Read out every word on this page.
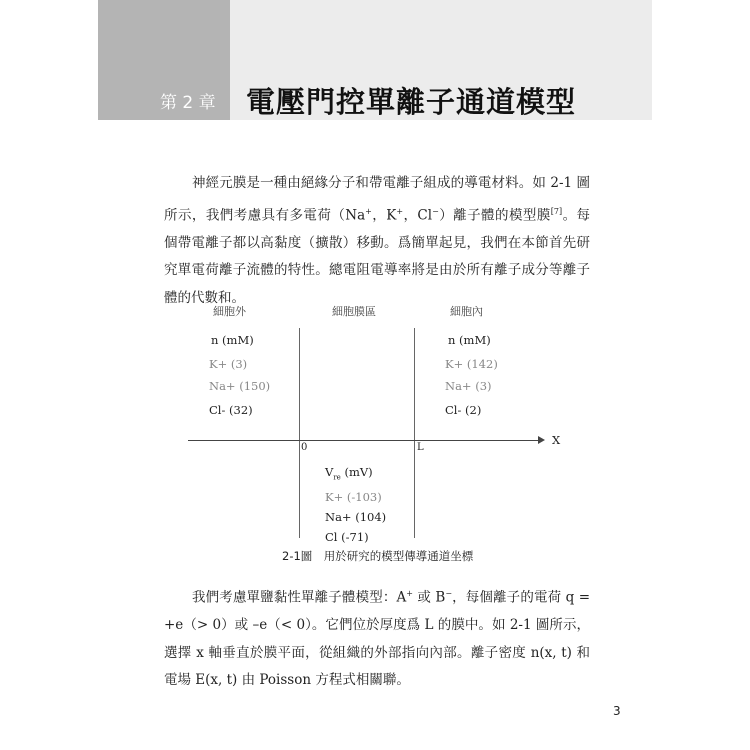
第 2 章 電壓門控單離子通道模型

神經元膜是一種由絕緣分子和帶電離子組成的導電材料。如 2-1 圖所示，我們考慮具有多電荷（Na+，K+，Cl−）離子體的模型膜[7]。每個帶電離子都以高黏度（擴散）移動。爲簡單起見，我們在本節首先研究單電荷離子流體的特性。總電阻電導率將是由於所有離子成分等離子體的代數和。

細胞外	細胞膜區	細胞內
X
0	L
n (mM)
K+ (3)
Na+ (150)
Cl- (32)
n (mM)
K+ (142)
Na+ (3)
Cl- (2)
$V_{re}$ (mV)
K+ (-103)
Na+ (104)
Cl (-71)
2-1圖　用於研究的模型傳導通道坐標

我們考慮單鹽黏性單離子體模型：A+ 或 B−，每個離子的電荷 q = +e（> 0）或 –e（< 0）。它們位於厚度爲 L 的膜中。如 2-1 圖所示，選擇 x 軸垂直於膜平面，從組織的外部指向內部。離子密度 n(x, t) 和電場 E(x, t) 由 Poisson 方程式相關聯。

3
